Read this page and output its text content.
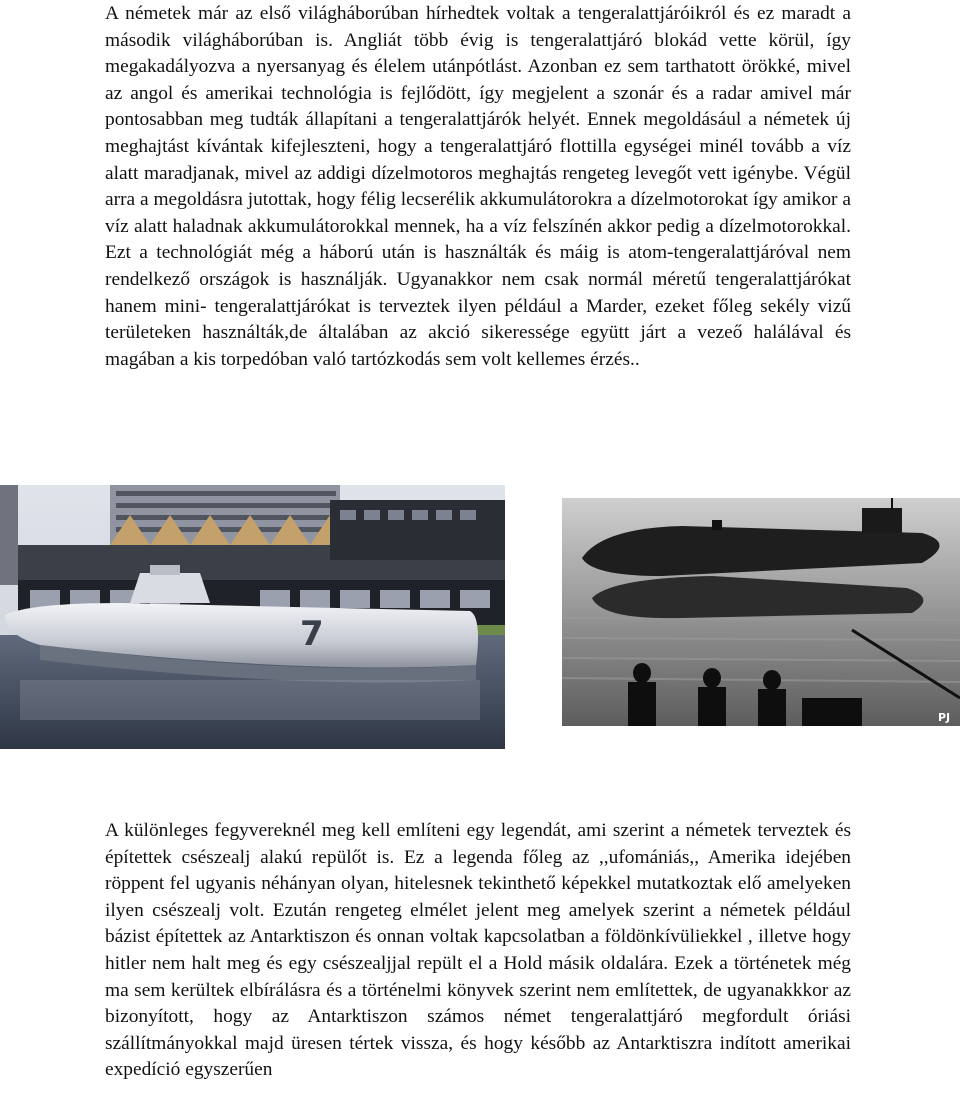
A németek már az első világháborúban hírhedtek voltak a tengeralattjáróikról és ez maradt a második világháborúban is. Angliát több évig is tengeralattjáró blokád vette körül, így megakadályozva a nyersanyag és élelem utánpótlást. Azonban ez sem tarthatott örökké, mivel az angol és amerikai technológia is fejlődött, így megjelent a szonár és a radar amivel már pontosabban meg tudták állapítani a tengeralattjárók helyét. Ennek megoldásául a németek új meghajtást kívántak kifejleszteni, hogy a tengeralattjáró flottilla egységei minél tovább a víz alatt maradjanak, mivel az addigi dízelmotoros meghajtás rengeteg levegőt vett igénybe. Végül arra a megoldásra jutottak, hogy félig lecserélik akkumulátorokra a dízelmotorokat így amikor a víz alatt haladnak akkumulátorokkal mennek, ha a víz felszínén akkor pedig a dízelmotorokkal. Ezt a technológiát még a háború után is használták és máig is atom-tengeralattjáróval nem rendelkező országok is használják. Ugyanakkor nem csak normál méretű tengeralattjárókat hanem mini- tengeralattjárókat is terveztek ilyen például a Marder, ezeket főleg sekély vizű területeken használták,de általában az akció sikeressége együtt járt a vezeő halálával és magában a kis torpedóban való tartózkodás sem volt kellemes érzés..

7
PJ

A különleges fegyvereknél meg kell említeni egy legendát, ami szerint a németek terveztek és építettek csészealj alakú repülőt is. Ez a legenda főleg az ,,ufomániás,, Amerika idejében röppent fel ugyanis néhányan olyan, hitelesnek tekinthető képekkel mutatkoztak elő amelyeken ilyen csészealj volt. Ezután rengeteg elmélet jelent meg amelyek szerint a németek például bázist építettek az Antarktiszon és onnan voltak kapcsolatban a földönkívüliekkel , illetve hogy hitler nem halt meg és egy csészealjjal repült el a Hold másik oldalára. Ezek a történetek még ma sem kerültek elbírálásra és a történelmi könyvek szerint nem említettek, de ugyanakkkor az bizonyított, hogy az Antarktiszon számos német tengeralattjáró megfordult óriási szállítmányokkal majd üresen tértek vissza, és hogy később az Antarktiszra indított amerikai expedíció egyszerűen
